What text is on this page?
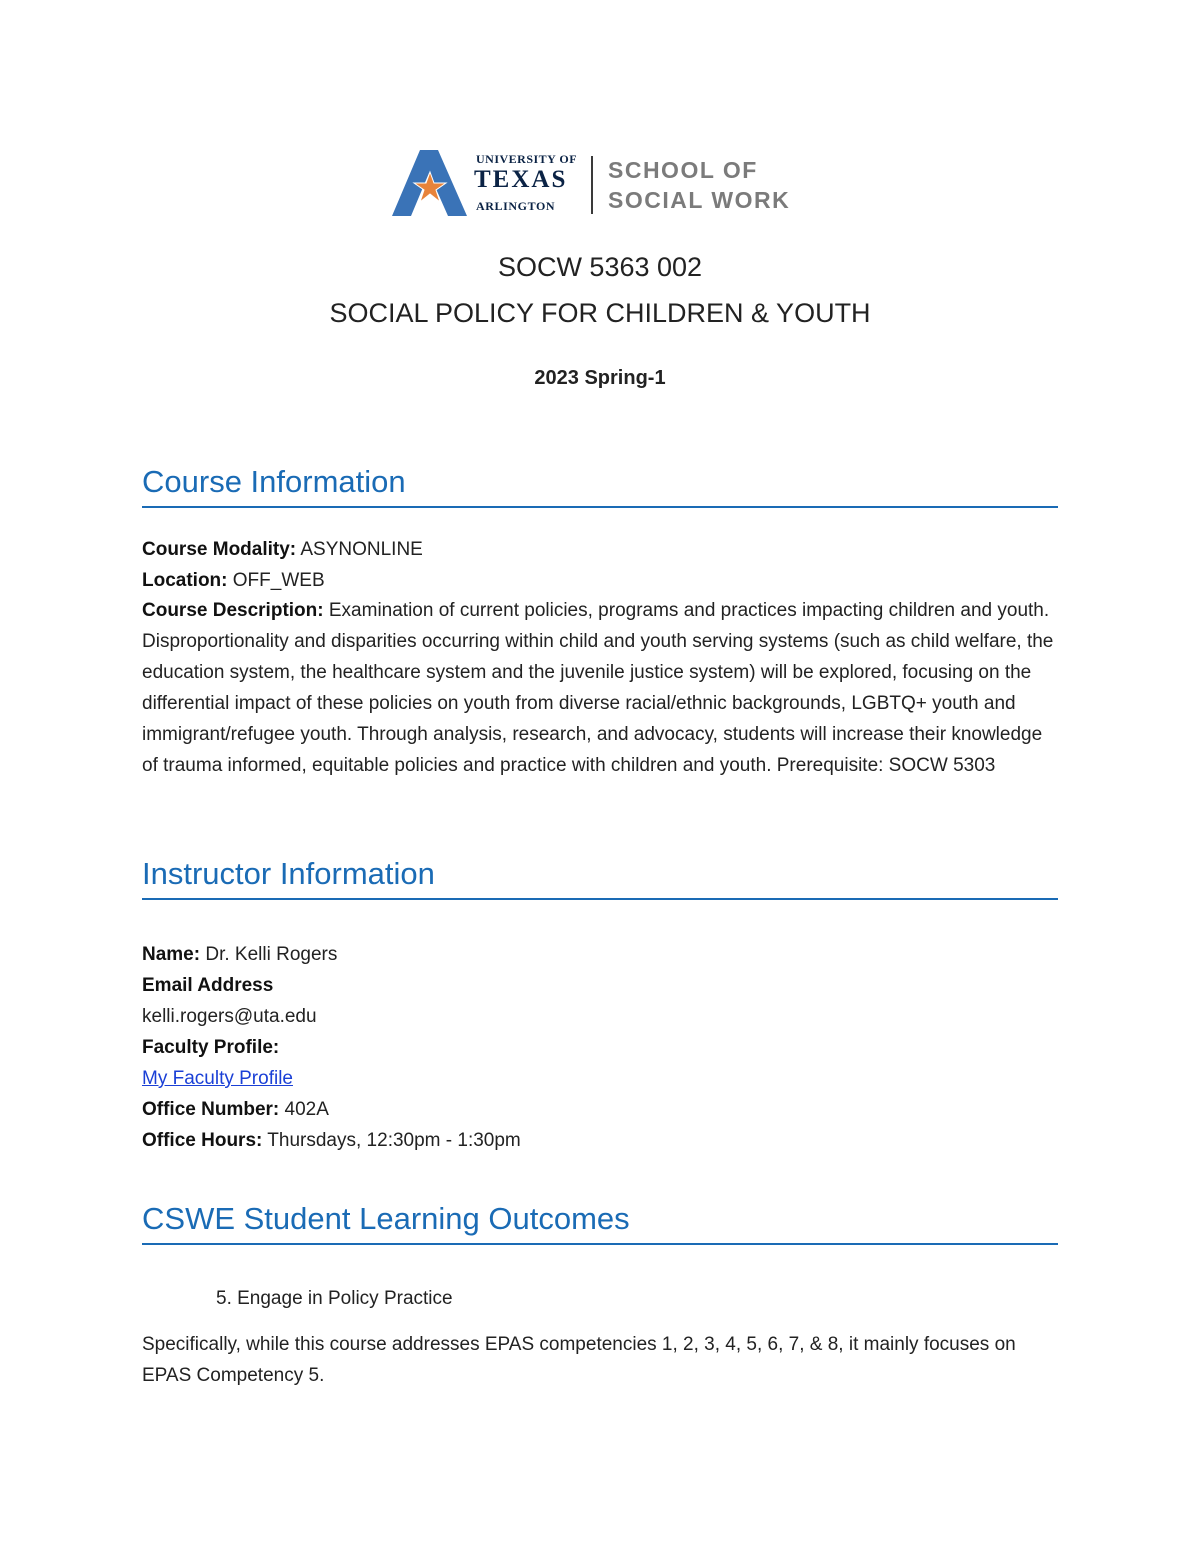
UNIVERSITY OF
TEXAS
ARLINGTON
SCHOOL OF
SOCIAL WORK
SOCW 5363 002
SOCIAL POLICY FOR CHILDREN & YOUTH
2023 Spring-1
Course Information
Course Modality: ASYNONLINE
Location: OFF_WEB
Course Description: Examination of current policies, programs and practices impacting children and youth. Disproportionality and disparities occurring within child and youth serving systems (such as child welfare, the education system, the healthcare system and the juvenile justice system) will be explored, focusing on the differential impact of these policies on youth from diverse racial/ethnic backgrounds, LGBTQ+ youth and immigrant/refugee youth. Through analysis, research, and advocacy, students will increase their knowledge of trauma informed, equitable policies and practice with children and youth. Prerequisite: SOCW 5303
Instructor Information
Name: Dr. Kelli Rogers
Email Address
kelli.rogers@uta.edu
Faculty Profile:
My Faculty Profile
Office Number: 402A
Office Hours: Thursdays, 12:30pm - 1:30pm
CSWE Student Learning Outcomes
5. Engage in Policy Practice
Specifically, while this course addresses EPAS competencies 1, 2, 3, 4, 5, 6, 7, & 8, it mainly focuses on EPAS Competency 5.
